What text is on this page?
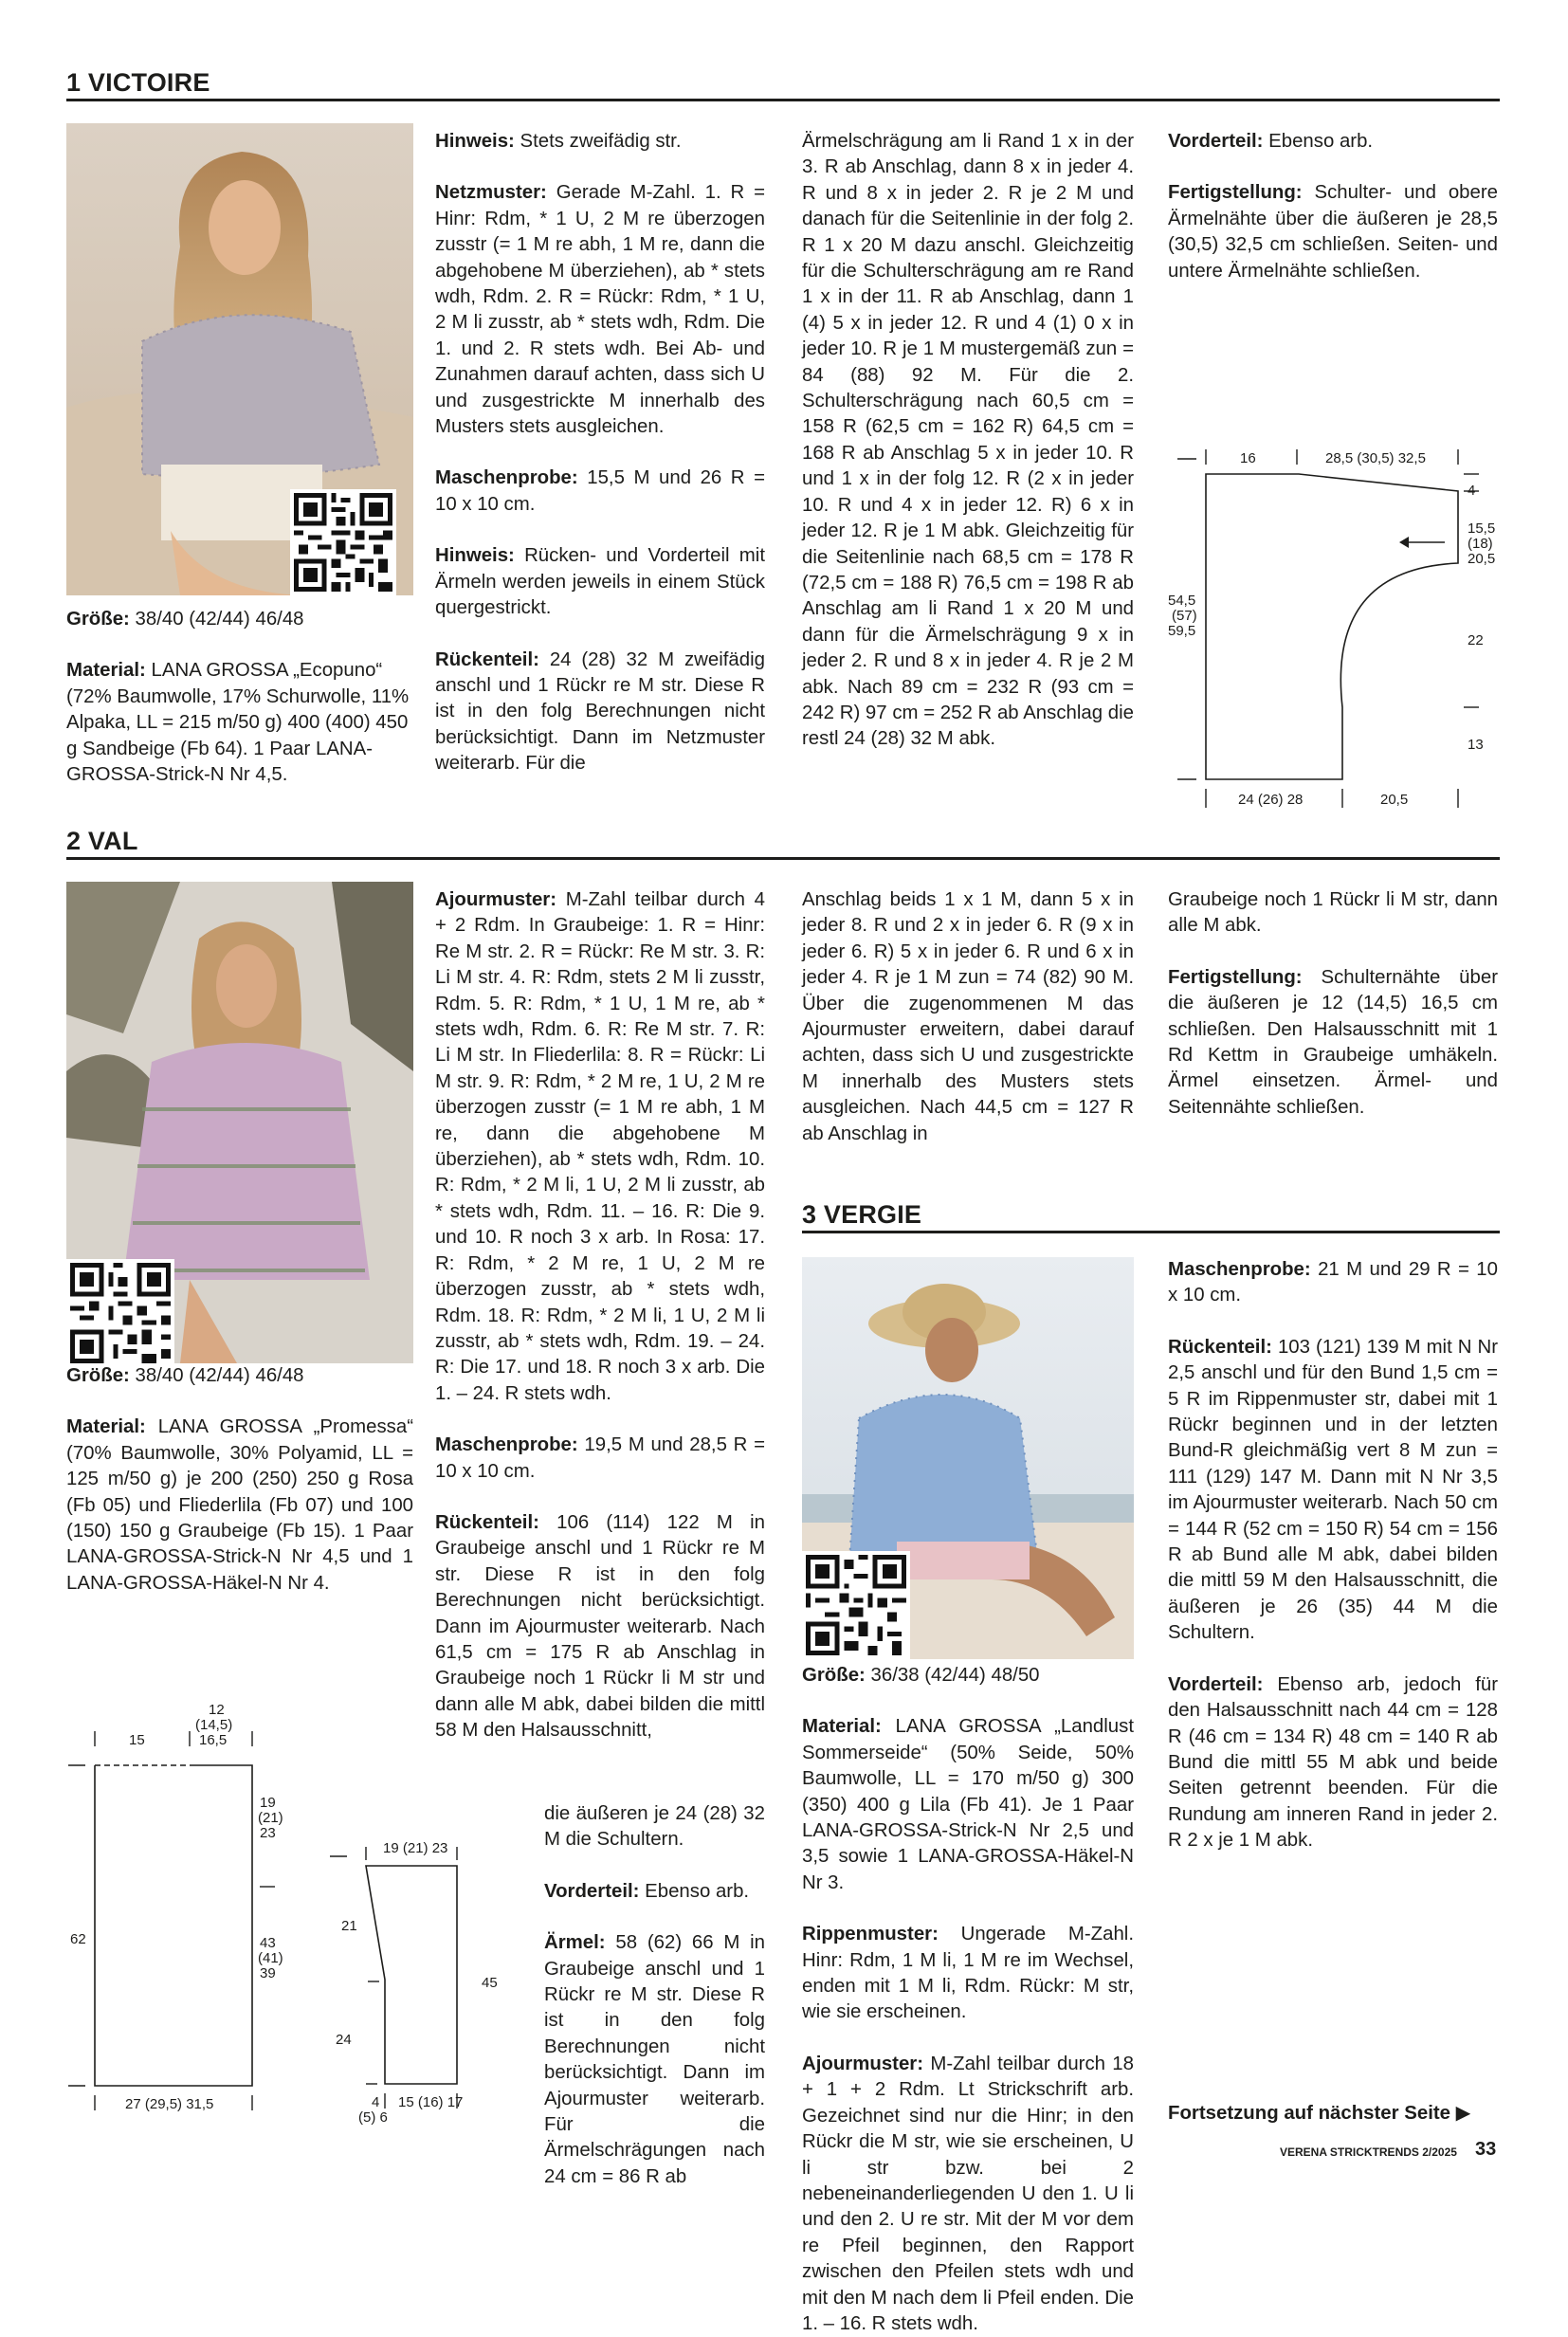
1 VICTOIRE

Größe: 38/40 (42/44) 46/48

Material: LANA GROSSA „Ecopuno“ (72% Baumwolle, 17% Schurwolle, 11% Alpaka, LL = 215 m/50 g) 400 (400) 450 g Sandbeige (Fb 64). 1 Paar LANA-GROSSA-Strick-N Nr 4,5.

Hinweis: Stets zweifädig str.

Netzmuster: Gerade M-Zahl. 1. R = Hinr: Rdm, * 1 U, 2 M re überzogen zusstr (= 1 M re abh, 1 M re, dann die abgehobene M überziehen), ab * stets wdh, Rdm. 2. R = Rückr: Rdm, * 1 U, 2 M li zusstr, ab * stets wdh, Rdm. Die 1. und 2. R stets wdh. Bei Ab- und Zunahmen darauf achten, dass sich U und zusgestrickte M innerhalb des Musters stets ausgleichen.

Maschenprobe: 15,5 M und 26 R = 10 x 10 cm.

Hinweis: Rücken- und Vorderteil mit Ärmeln werden jeweils in einem Stück quergestrickt.

Rückenteil: 24 (28) 32 M zweifädig anschl und 1 Rückr re M str. Diese R ist in den folg Berechnungen nicht berücksichtigt. Dann im Netzmuster weiterarb. Für die

Ärmelschrägung am li Rand 1 x in der 3. R ab Anschlag, dann 8 x in jeder 4. R und 8 x in jeder 2. R je 2 M und danach für die Seitenlinie in der folg 2. R 1 x 20 M dazu anschl. Gleichzeitig für die Schulterschrägung am re Rand 1 x in der 11. R ab Anschlag, dann 1 (4) 5 x in jeder 12. R und 4 (1) 0 x in jeder 10. R je 1 M mustergemäß zun = 84 (88) 92 M. Für die 2. Schulterschrägung nach 60,5 cm = 158 R (62,5 cm = 162 R) 64,5 cm = 168 R ab Anschlag 5 x in jeder 10. R und 1 x in der folg 12. R (2 x in jeder 10. R und 4 x in jeder 12. R) 6 x in jeder 12. R je 1 M abk. Gleichzeitig für die Seitenlinie nach 68,5 cm = 178 R (72,5 cm = 188 R) 76,5 cm = 198 R ab Anschlag am li Rand 1 x 20 M und dann für die Ärmelschrägung 9 x in jeder 2. R und 8 x in jeder 4. R je 2 M abk. Nach 89 cm = 232 R (93 cm = 242 R) 97 cm = 252 R ab Anschlag die restl 24 (28) 32 M abk.

Vorderteil: Ebenso arb.

Fertigstellung: Schulter- und obere Ärmelnähte über die äußeren je 28,5 (30,5) 32,5 cm schließen. Seiten- und untere Ärmelnähte schließen.

16	28,5 (30,5) 32,5
4
15,5
(18)
20,5
22
13
54,5
(57)
59,5
24 (26) 28	20,5
2 VAL

Größe: 38/40 (42/44) 46/48

Material: LANA GROSSA „Promessa“ (70% Baumwolle, 30% Polyamid, LL = 125 m/50 g) je 200 (250) 250 g Rosa (Fb 05) und Fliederlila (Fb 07) und 100 (150) 150 g Graubeige (Fb 15). 1 Paar LANA-GROSSA-Strick-N Nr 4,5 und 1 LANA-GROSSA-Häkel-N Nr 4.

12
(14,5)
16,5
15
19
(21)
23
62	43
(41)
39
27 (29,5) 31,5
19 (21) 23
21
24
45
4
(5) 6
15 (16) 17

Ajourmuster: M-Zahl teilbar durch 4 + 2 Rdm. In Graubeige: 1. R = Hinr: Re M str. 2. R = Rückr: Re M str. 3. R: Li M str. 4. R: Rdm, stets 2 M li zusstr, Rdm. 5. R: Rdm, * 1 U, 1 M re, ab * stets wdh, Rdm. 6. R: Re M str. 7. R: Li M str. In Fliederlila: 8. R = Rückr: Li M str. 9. R: Rdm, * 2 M re, 1 U, 2 M re überzogen zusstr (= 1 M re abh, 1 M re, dann die abgehobene M überziehen), ab * stets wdh, Rdm. 10. R: Rdm, * 2 M li, 1 U, 2 M li zusstr, ab * stets wdh, Rdm. 11. – 16. R: Die 9. und 10. R noch 3 x arb. In Rosa: 17. R: Rdm, * 2 M re, 1 U, 2 M re überzogen zusstr, ab * stets wdh, Rdm. 18. R: Rdm, * 2 M li, 1 U, 2 M li zusstr, ab * stets wdh, Rdm. 19. – 24. R: Die 17. und 18. R noch 3 x arb. Die 1. – 24. R stets wdh.

Maschenprobe: 19,5 M und 28,5 R = 10 x 10 cm.

Rückenteil: 106 (114) 122 M in Graubeige anschl und 1 Rückr re M str. Diese R ist in den folg Berechnungen nicht berücksichtigt. Dann im Ajourmuster weiterarb. Nach 61,5 cm = 175 R ab Anschlag in Graubeige noch 1 Rückr li M str und dann alle M abk, dabei bilden die mittl 58 M den Halsausschnitt,

die äußeren je 24 (28) 32 M die Schultern.

Vorderteil: Ebenso arb.

Ärmel: 58 (62) 66 M in Graubeige anschl und 1 Rückr re M str. Diese R ist in den folg Berechnungen nicht berücksichtigt. Dann im Ajourmuster weiterarb. Für die Ärmelschrägungen nach 24 cm = 86 R ab

Anschlag beids 1 x 1 M, dann 5 x in jeder 8. R und 2 x in jeder 6. R (9 x in jeder 6. R) 5 x in jeder 6. R und 6 x in jeder 4. R je 1 M zun = 74 (82) 90 M. Über die zugenommenen M das Ajourmuster erweitern, dabei darauf achten, dass sich U und zusgestrickte M innerhalb des Musters stets ausgleichen. Nach 44,5 cm = 127 R ab Anschlag in

Graubeige noch 1 Rückr li M str, dann alle M abk.

Fertigstellung: Schulternähte über die äußeren je 12 (14,5) 16,5 cm schließen. Den Halsausschnitt mit 1 Rd Kettm in Graubeige umhäkeln. Ärmel einsetzen. Ärmel- und Seitennähte schließen.

3 VERGIE

Größe: 36/38 (42/44) 48/50

Material: LANA GROSSA „Landlust Sommerseide“ (50% Seide, 50% Baumwolle, LL = 170 m/50 g) 300 (350) 400 g Lila (Fb 41). Je 1 Paar LANA-GROSSA-Strick-N Nr 2,5 und 3,5 sowie 1 LANA-GROSSA-Häkel-N Nr 3.

Rippenmuster: Ungerade M-Zahl. Hinr: Rdm, 1 M li, 1 M re im Wechsel, enden mit 1 M li, Rdm. Rückr: M str, wie sie erscheinen.

Ajourmuster: M-Zahl teilbar durch 18 + 1 + 2 Rdm. Lt Strickschrift arb. Gezeichnet sind nur die Hinr; in den Rückr die M str, wie sie erscheinen, U li str bzw. bei 2 nebeneinanderliegenden U den 1. U li und den 2. U re str. Mit der M vor dem re Pfeil beginnen, den Rapport zwischen den Pfeilen stets wdh und mit den M nach dem li Pfeil enden. Die 1. – 16. R stets wdh.

Maschenprobe: 21 M und 29 R = 10 x 10 cm.

Rückenteil: 103 (121) 139 M mit N Nr 2,5 anschl und für den Bund 1,5 cm = 5 R im Rippenmuster str, dabei mit 1 Rückr beginnen und in der letzten Bund-R gleichmäßig vert 8 M zun = 111 (129) 147 M. Dann mit N Nr 3,5 im Ajourmuster weiterarb. Nach 50 cm = 144 R (52 cm = 150 R) 54 cm = 156 R ab Bund alle M abk, dabei bilden die mittl 59 M den Halsausschnitt, die äußeren je 26 (35) 44 M die Schultern.

Vorderteil: Ebenso arb, jedoch für den Halsausschnitt nach 44 cm = 128 R (46 cm = 134 R) 48 cm = 140 R ab Bund die mittl 55 M abk und beide Seiten getrennt beenden. Für die Rundung am inneren Rand in jeder 2. R 2 x je 1 M abk.

Fortsetzung auf nächster Seite ▶
VERENA STRICKTRENDS 2/2025 33
